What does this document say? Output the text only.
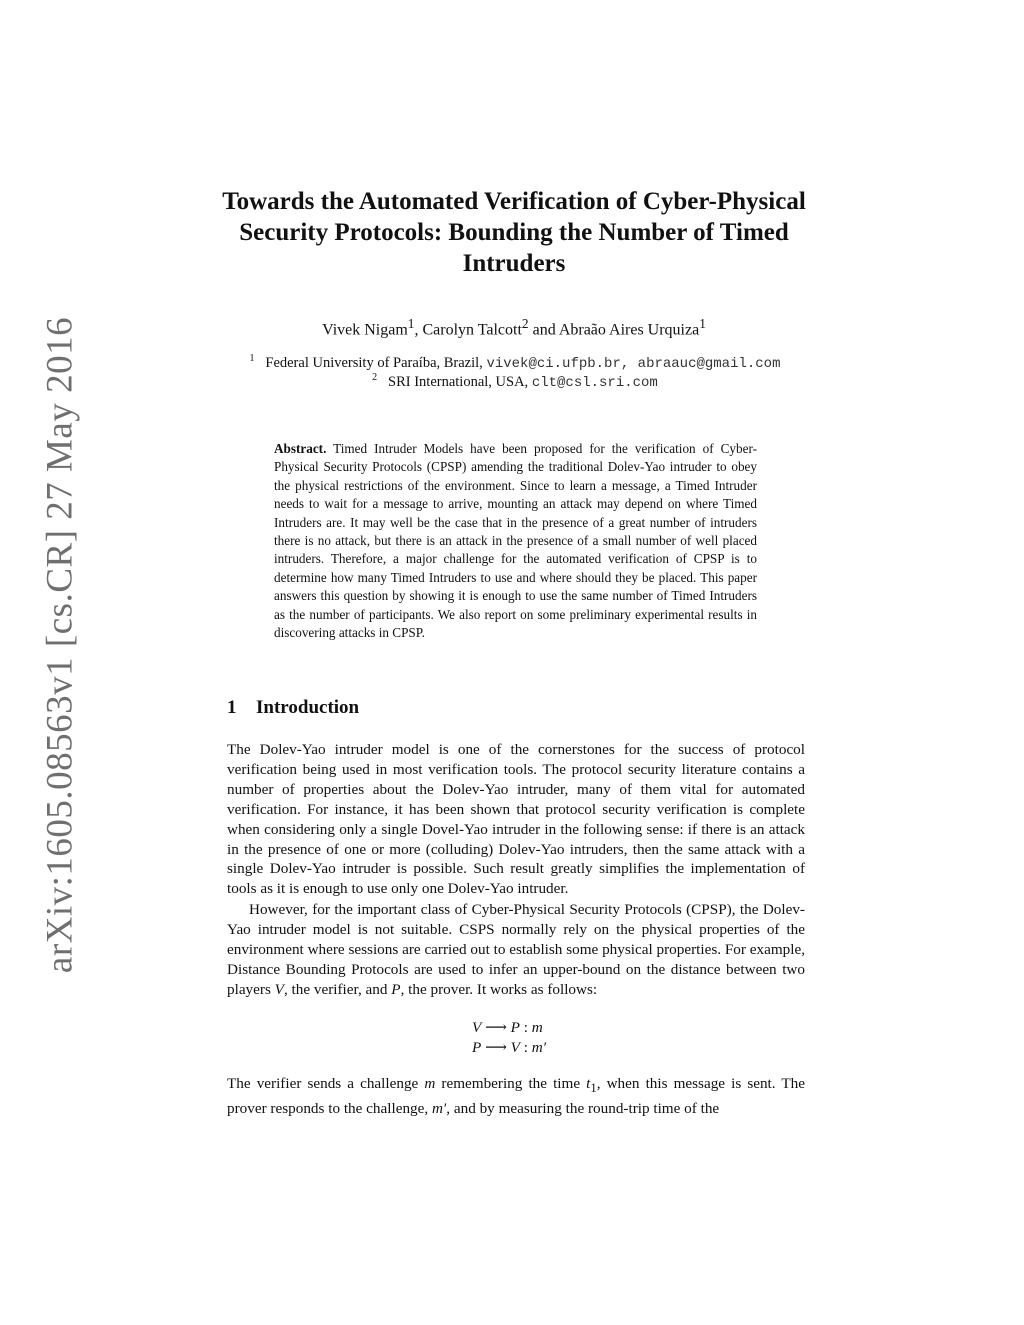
arXiv:1605.08563v1 [cs.CR] 27 May 2016
Towards the Automated Verification of Cyber-Physical
Security Protocols: Bounding the Number of Timed
Intruders
Vivek Nigam$^1$, Carolyn Talcott$^2$ and Abraão Aires Urquiza$^1$
$^1$ Federal University of Paraíba, Brazil, vivek@ci.ufpb.br, abraauc@gmail.com
$^2$ SRI International, USA, clt@csl.sri.com

Abstract. Timed Intruder Models have been proposed for the verification of Cyber-Physical Security Protocols (CPSP) amending the traditional Dolev-Yao intruder to obey the physical restrictions of the environment. Since to learn a message, a Timed Intruder needs to wait for a message to arrive, mounting an attack may depend on where Timed Intruders are. It may well be the case that in the presence of a great number of intruders there is no attack, but there is an attack in the presence of a small number of well placed intruders. Therefore, a major challenge for the automated verification of CPSP is to determine how many Timed Intruders to use and where should they be placed. This paper answers this question by showing it is enough to use the same number of Timed Intruders as the number of participants. We also report on some preliminary experimental results in discovering attacks in CPSP.

1 Introduction

The Dolev-Yao intruder model is one of the cornerstones for the success of protocol verification being used in most verification tools. The protocol security literature contains a number of properties about the Dolev-Yao intruder, many of them vital for automated verification. For instance, it has been shown that protocol security verification is complete when considering only a single Dovel-Yao intruder in the following sense: if there is an attack in the presence of one or more (colluding) Dolev-Yao intruders, then the same attack with a single Dolev-Yao intruder is possible. Such result greatly simplifies the implementation of tools as it is enough to use only one Dolev-Yao intruder.

However, for the important class of Cyber-Physical Security Protocols (CPSP), the Dolev-Yao intruder model is not suitable. CSPS normally rely on the physical properties of the environment where sessions are carried out to establish some physical properties. For example, Distance Bounding Protocols are used to infer an upper-bound on the distance between two players V, the verifier, and P, the prover. It works as follows:

V ⟶ P : m
P ⟶ V : m′

The verifier sends a challenge m remembering the time $t_1$, when this message is sent. The prover responds to the challenge, m′, and by measuring the round-trip time of the
